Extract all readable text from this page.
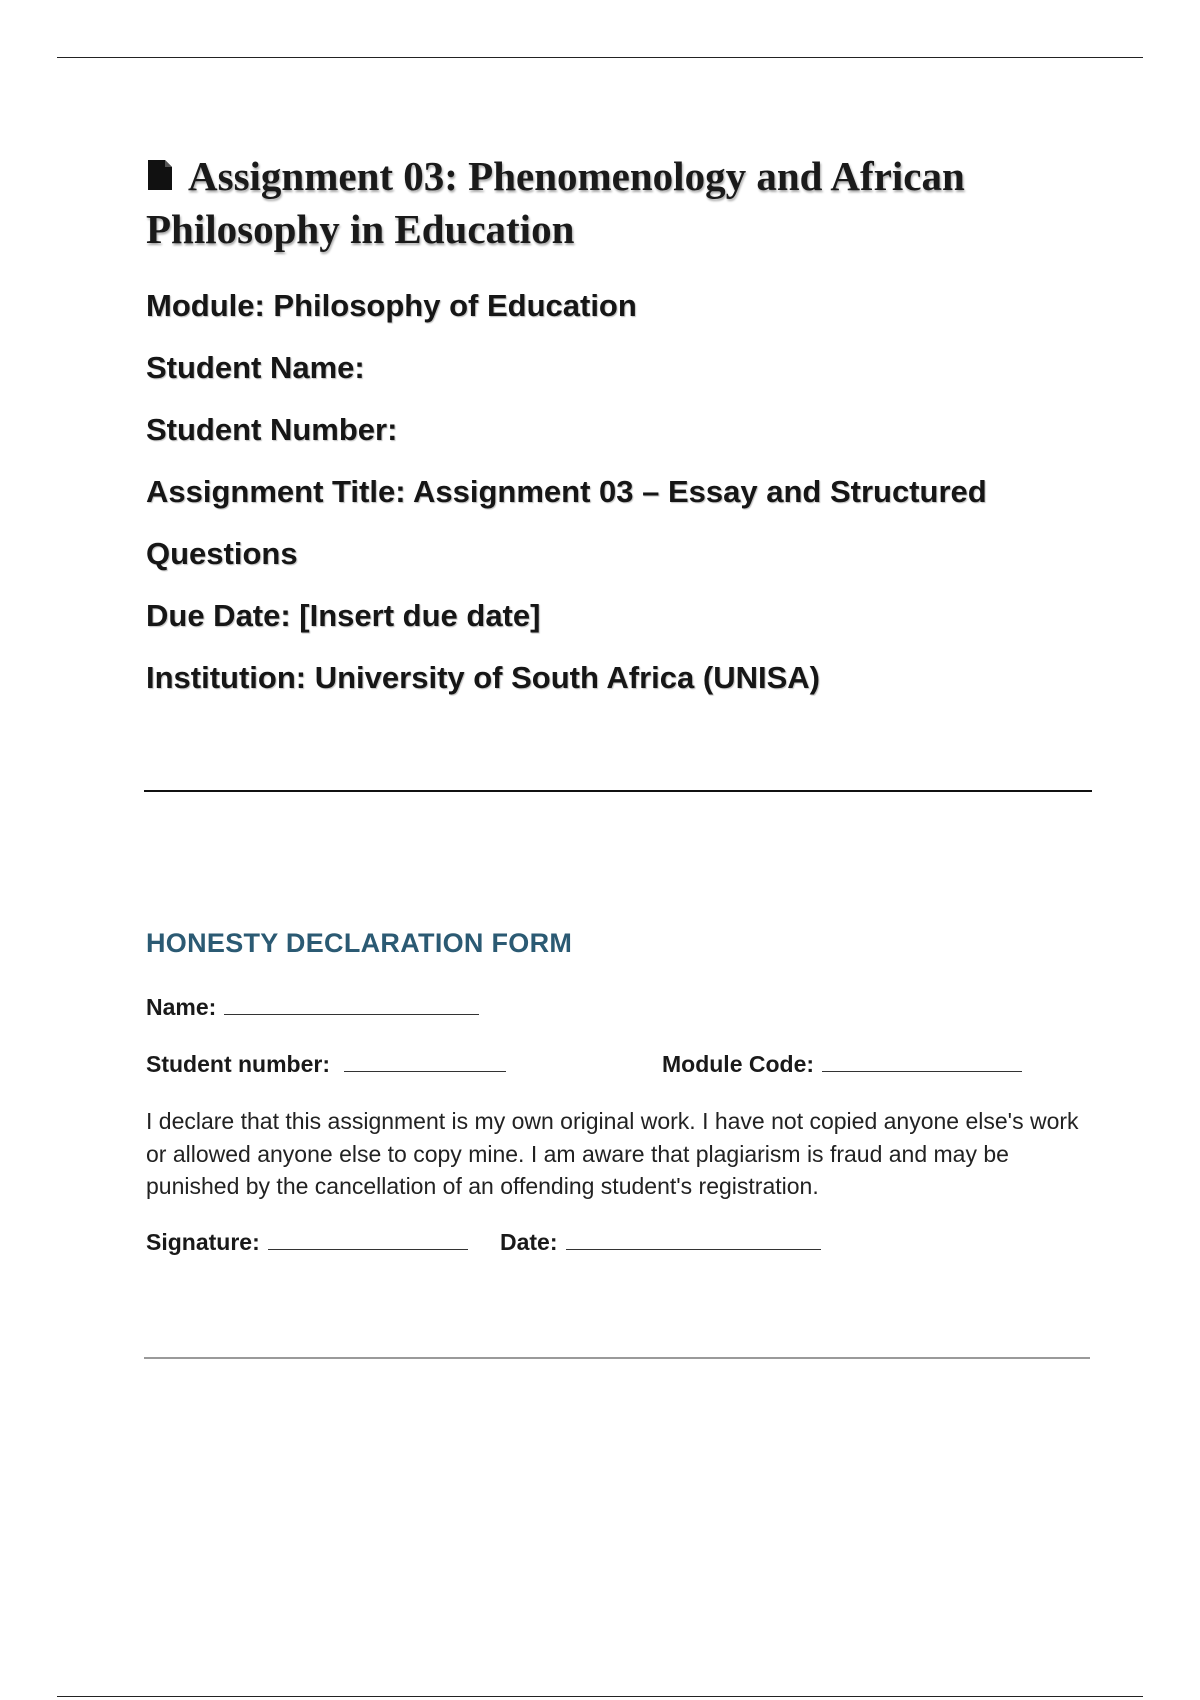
Assignment 03: Phenomenology and African Philosophy in Education

Module: Philosophy of Education

Student Name:

Student Number:

Assignment Title: Assignment 03 – Essay and Structured

Questions

Due Date: [Insert due date]

Institution: University of South Africa (UNISA)

HONESTY DECLARATION FORM
Name:
Student number:	Module Code:

I declare that this assignment is my own original work. I have not copied anyone else's work or allowed anyone else to copy mine. I am aware that plagiarism is fraud and may be punished by the cancellation of an offending student's registration.

Signature:	Date:
